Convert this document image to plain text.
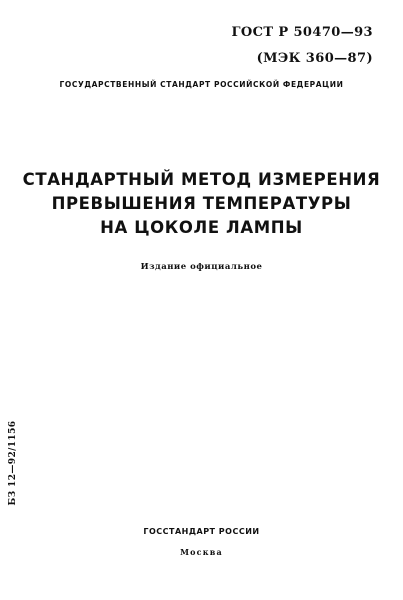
ГОСТ Р 50470—93
(МЭК 360—87)
ГОСУДАРСТВЕННЫЙ СТАНДАРТ РОССИЙСКОЙ ФЕДЕРАЦИИ
СТАНДАРТНЫЙ МЕТОД ИЗМЕРЕНИЯ
ПРЕВЫШЕНИЯ ТЕМПЕРАТУРЫ
НА ЦОКОЛЕ ЛАМПЫ
Издание официальное
БЗ 12—92/1156
ГОССТАНДАРТ РОССИИ
Москва
